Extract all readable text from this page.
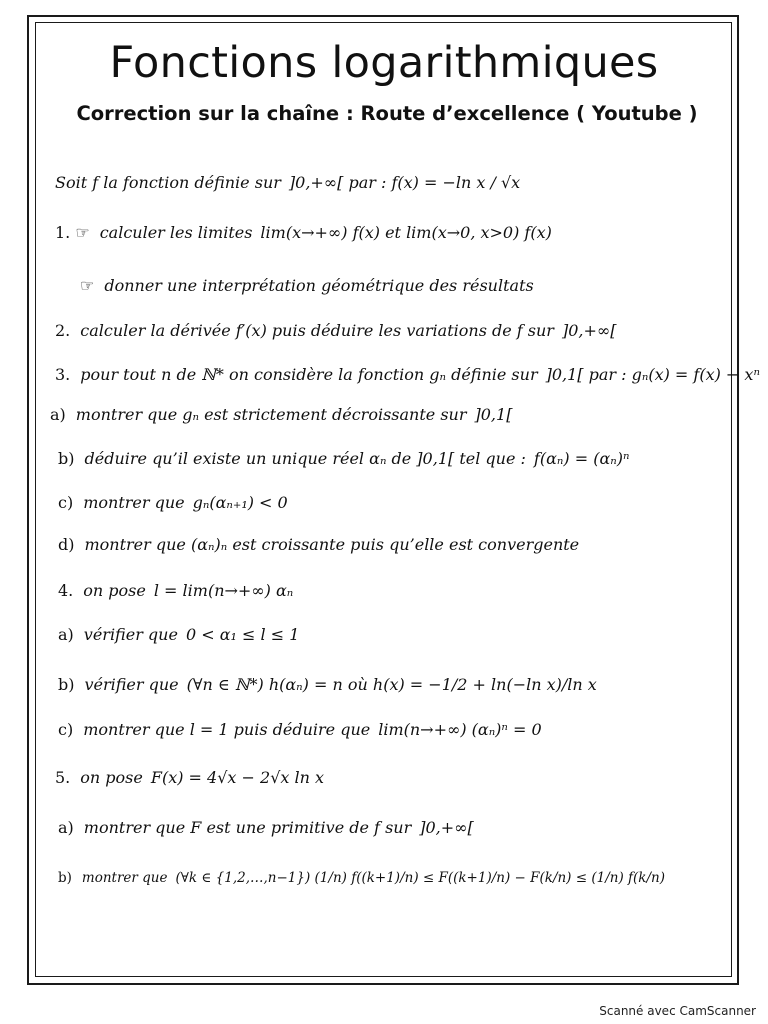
Fonctions logarithmiques
Correction sur la chaîne : Route d’excellence ( Youtube )
Soit f la fonction définie sur ]0,+∞[ par : f(x) = −ln x / √x
1. ☞ calculer les limites lim(x→+∞) f(x) et lim(x→0, x>0) f(x)
☞ donner une interprétation géométrique des résultats
2. calculer la dérivée f′(x) puis déduire les variations de f sur ]0,+∞[
3. pour tout n de ℕ* on considère la fonction gₙ définie sur ]0,1[ par : gₙ(x) = f(x) − xⁿ
a) montrer que gₙ est strictement décroissante sur ]0,1[
b) déduire qu’il existe un unique réel αₙ de ]0,1[ tel que : f(αₙ) = (αₙ)ⁿ
c) montrer que gₙ(αₙ₊₁) < 0
d) montrer que (αₙ)ₙ est croissante puis qu’elle est convergente
4. on pose l = lim(n→+∞) αₙ
a) vérifier que 0 < α₁ ≤ l ≤ 1
b) vérifier que (∀n ∈ ℕ*) h(αₙ) = n où h(x) = −1/2 + ln(−ln x)/ln x
c) montrer que l = 1 puis déduire que lim(n→+∞) (αₙ)ⁿ = 0
5. on pose F(x) = 4√x − 2√x ln x
a) montrer que F est une primitive de f sur ]0,+∞[
b) montrer que (∀k ∈ {1,2,…,n−1}) (1/n) f((k+1)/n) ≤ F((k+1)/n) − F(k/n) ≤ (1/n) f(k/n)
Scanné avec CamScanner
